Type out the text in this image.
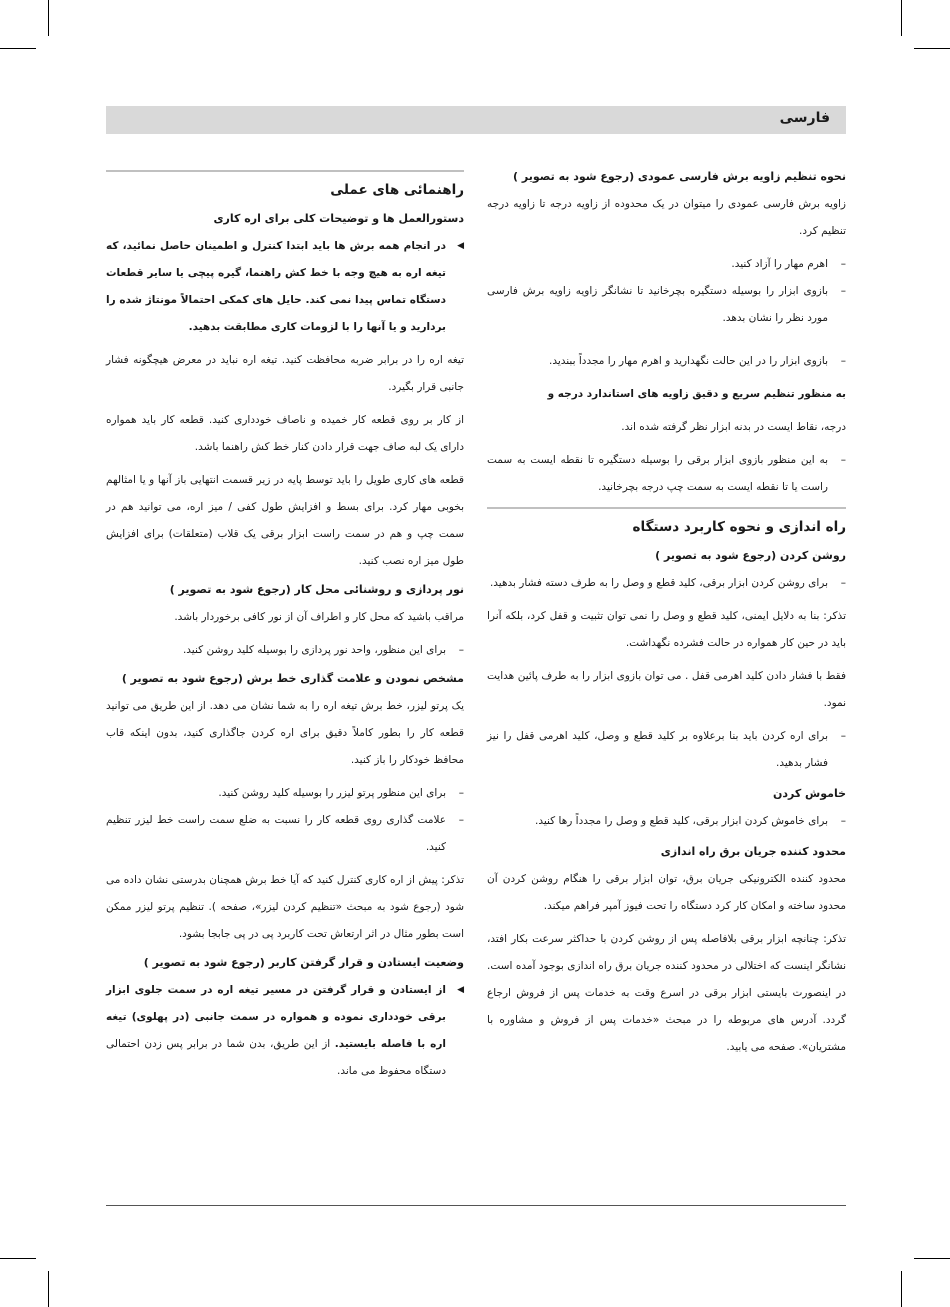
فارسی
نحوه تنظیم زاویه برش فارسی عمودی (رجوع شود به تصویر )

زاویه برش فارسی عمودی را میتوان در یک محدوده از زاویه درجه تا زاویه درجه تنظیم کرد.

–
اهرم مهار را آزاد کنید.
–
بازوی ابزار را بوسیله دستگیره بچرخانید تا نشانگر زاویه زاویه برش فارسی مورد نظر را نشان بدهد.
–
بازوی ابزار را در این حالت نگهدارید و اهرم مهار را مجدداً ببندید.

به منظور تنظیم سریع و دقیق زاویه های استاندارد درجه و

درجه، نقاط ایست در بدنه ابزار نظر گرفته شده اند.

–
به این منظور بازوی ابزار برقی را بوسیله دستگیره تا نقطه ایست به سمت راست یا تا نقطه ایست به سمت چپ درجه بچرخانید.
راه اندازی و نحوه کاربرد دستگاه
روشن کردن (رجوع شود به تصویر )
–
برای روشن کردن ابزار برقی، کلید قطع و وصل را به طرف دسته فشار بدهید.

تذکر: بنا به دلایل ایمنی، کلید قطع و وصل را نمی توان تثبیت و قفل کرد، بلکه آنرا باید در حین کار همواره در حالت فشرده نگهداشت.

فقط با فشار دادن کلید اهرمی قفل . می توان بازوی ابزار را به طرف پائین هدایت نمود.

–
برای اره کردن باید بنا برعلاوه بر کلید قطع و وصل، کلید اهرمی قفل را نیز فشار بدهید.
خاموش کردن
–
برای خاموش کردن ابزار برقی، کلید قطع و وصل را مجدداً رها کنید.
محدود کننده جریان برق راه اندازی

محدود کننده الکترونیکی جریان برق، توان ابزار برقی را هنگام روشن کردن آن محدود ساخته و امکان کار کرد دستگاه را تحت فیوز آمپر فراهم میکند.

تذکر: چنانچه ابزار برقی بلافاصله پس از روشن کردن با حداکثر سرعت بکار افتد، نشانگر اینست که اختلالی در محدود کننده جریان برق راه اندازی بوجود آمده است. در اینصورت بایستی ابزار برقی در اسرع وقت به خدمات پس از فروش ارجاع گردد. آدرس های مربوطه را در مبحث «خدمات پس از فروش و مشاوره با مشتریان». صفحه می یابید.

راهنمائی های عملی
دستورالعمل ها و توضیحات کلی برای اره کاری
◀
در انجام همه برش ها باید ابتدا کنترل و اطمینان حاصل نمائید، که تیغه اره به هیچ وجه با خط کش راهنما، گیره پیچی یا سایر قطعات دستگاه تماس پیدا نمی کند. حایل های کمکی احتمالاً مونتاژ شده را بردارید و یا آنها را با لزومات کاری مطابقت بدهید.

تیغه اره را در برابر ضربه محافظت کنید. تیغه اره نباید در معرض هیچگونه فشار جانبی قرار بگیرد.

از کار بر روی قطعه کار خمیده و ناصاف خودداری کنید. قطعه کار باید همواره دارای یک لبه صاف جهت قرار دادن کنار خط کش راهنما باشد.

قطعه های کاری طویل را باید توسط پایه در زیر قسمت انتهایی باز آنها و یا امثالهم بخوبی مهار کرد. برای بسط و افزایش طول کفی / میز اره، می توانید هم در سمت چپ و هم در سمت راست ابزار برقی یک قلاب (متعلقات) برای افزایش طول میز اره نصب کنید.

نور پردازی و روشنائی محل کار (رجوع شود به تصویر )

مراقب باشید که محل کار و اطراف آن از نور کافی برخوردار باشد.

–
برای این منظور، واحد نور پردازی را بوسیله کلید روشن کنید.
مشخص نمودن و علامت گذاری خط برش (رجوع شود به تصویر )

یک پرتو لیزر، خط برش تیغه اره را به شما نشان می دهد. از این طریق می توانید قطعه کار را بطور کاملاً دقیق برای اره کردن جاگذاری کنید، بدون اینکه قاب محافظ خودکار را باز کنید.

–
برای این منظور پرتو لیزر را بوسیله کلید روشن کنید.
–
علامت گذاری روی قطعه کار را نسبت به ضلع سمت راست خط لیزر تنظیم کنید.

تذکر: پیش از اره کاری کنترل کنید که آیا خط برش همچنان بدرستی نشان داده می شود (رجوع شود به مبحث «تنظیم کردن لیزر»، صفحه ). تنظیم پرتو لیزر ممکن است بطور مثال در اثر ارتعاش تحت کاربرد پی در پی جابجا بشود.

وضعیت ایستادن و قرار گرفتن کاربر (رجوع شود به تصویر )
◀
از ایستادن و قرار گرفتن در مسیر تیغه اره در سمت جلوی ابزار برقی خودداری نموده و همواره در سمت جانبی (در پهلوی) تیغه اره با فاصله بایستید. از این طریق، بدن شما در برابر پس زدن احتمالی دستگاه محفوظ می ماند.
